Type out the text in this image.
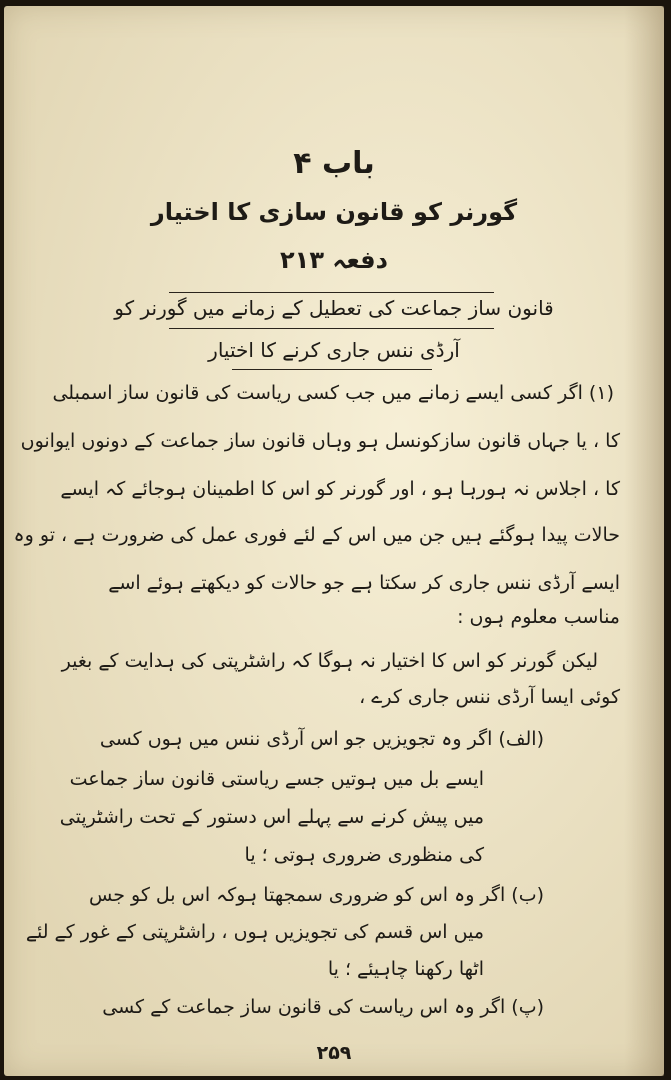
باب ۴
گورنر کو قانون سازی کا اختیار
دفعہ ۲۱۳
قانون ساز جماعت کی تعطیل کے زمانے میں گورنر کو
آرڈی ننس جاری کرنے کا اختیار
(۱) اگر کسی ایسے زمانے میں جب کسی ریاست کی قانون ساز اسمبلی
کا ، یا جہاں قانون سازکونسل ہو وہاں قانون ساز جماعت کے دونوں ایوانوں
کا ، اجلاس نہ ہورہا ہو ، اور گورنر کو اس کا اطمینان ہوجائے کہ ایسے
حالات پیدا ہوگئے ہیں جن میں اس کے لئے فوری عمل کی ضرورت ہے ، تو وہ
ایسے آرڈی ننس جاری کر سکتا ہے جو حالات کو دیکھتے ہوئے اسے
مناسب معلوم ہوں :
لیکن گورنر کو اس کا اختیار نہ ہوگا کہ راشٹرپتی کی ہدایت کے بغیر
کوئی ایسا آرڈی ننس جاری کرے ،
(الف) اگر وہ تجویزیں جو اس آرڈی ننس میں ہوں کسی
ایسے بل میں ہوتیں جسے ریاستی قانون ساز جماعت
میں پیش کرنے سے پہلے اس دستور کے تحت راشٹرپتی
کی منظوری ضروری ہوتی ؛ یا
(ب) اگر وہ اس کو ضروری سمجھتا ہوکہ اس بل کو جس
میں اس قسم کی تجویزیں ہوں ، راشٹرپتی کے غور کے لئے
اٹھا رکھنا چاہیئے ؛ یا
(پ) اگر وہ اس ریاست کی قانون ساز جماعت کے کسی
۲۵۹
